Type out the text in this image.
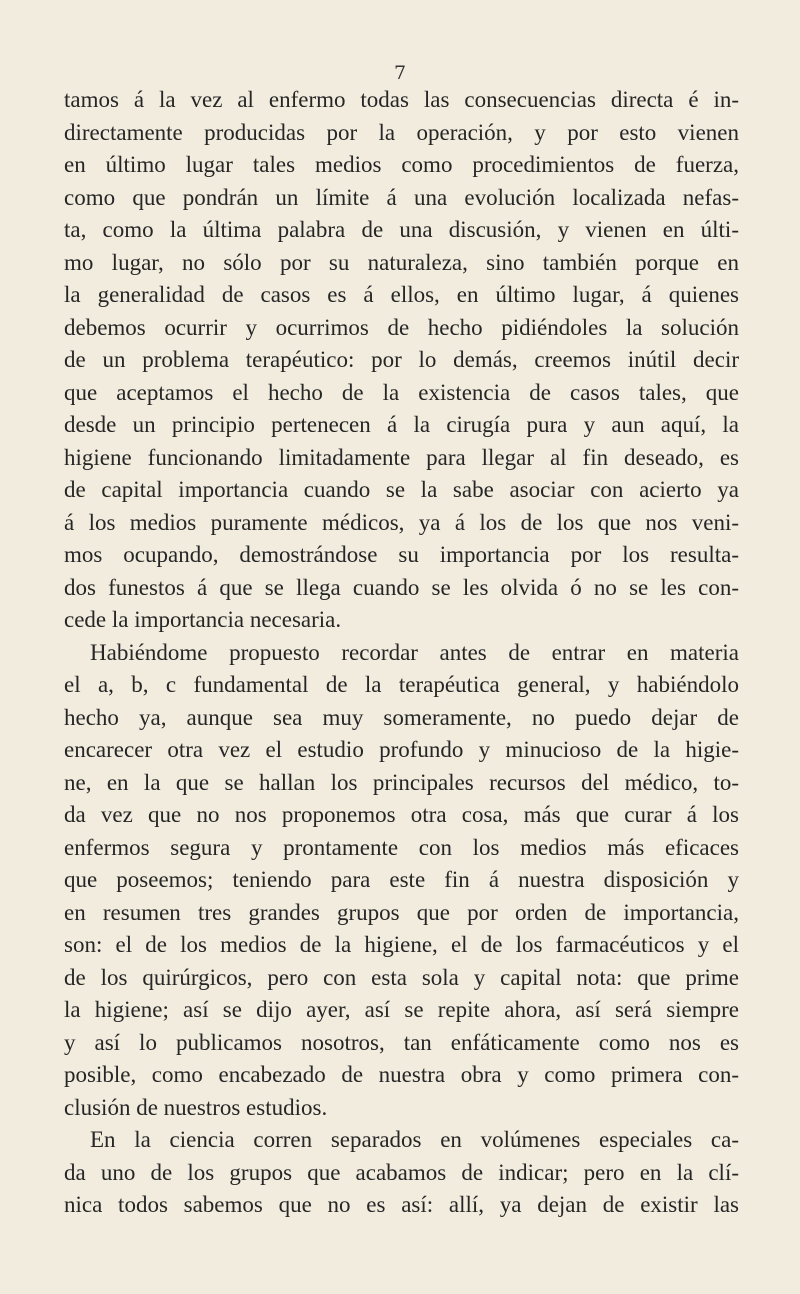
7
tamos á la vez al enfermo todas las consecuencias directa é in-
directamente producidas por la operación, y por esto vienen
en último lugar tales medios como procedimientos de fuerza,
como que pondrán un límite á una evolución localizada nefas-
ta, como la última palabra de una discusión, y vienen en últi-
mo lugar, no sólo por su naturaleza, sino también porque en
la generalidad de casos es á ellos, en último lugar, á quienes
debemos ocurrir y ocurrimos de hecho pidiéndoles la solución
de un problema terapéutico: por lo demás, creemos inútil decir
que aceptamos el hecho de la existencia de casos tales, que
desde un principio pertenecen á la cirugía pura y aun aquí, la
higiene funcionando limitadamente para llegar al fin deseado, es
de capital importancia cuando se la sabe asociar con acierto ya
á los medios puramente médicos, ya á los de los que nos veni-
mos ocupando, demostrándose su importancia por los resulta-
dos funestos á que se llega cuando se les olvida ó no se les con-
cede la importancia necesaria.
Habiéndome propuesto recordar antes de entrar en materia
el a, b, c fundamental de la terapéutica general, y habiéndolo
hecho ya, aunque sea muy someramente, no puedo dejar de
encarecer otra vez el estudio profundo y minucioso de la higie-
ne, en la que se hallan los principales recursos del médico, to-
da vez que no nos proponemos otra cosa, más que curar á los
enfermos segura y prontamente con los medios más eficaces
que poseemos; teniendo para este fin á nuestra disposición y
en resumen tres grandes grupos que por orden de importancia,
son: el de los medios de la higiene, el de los farmacéuticos y el
de los quirúrgicos, pero con esta sola y capital nota: que prime
la higiene; así se dijo ayer, así se repite ahora, así será siempre
y así lo publicamos nosotros, tan enfáticamente como nos es
posible, como encabezado de nuestra obra y como primera con-
clusión de nuestros estudios.
En la ciencia corren separados en volúmenes especiales ca-
da uno de los grupos que acabamos de indicar; pero en la clí-
nica todos sabemos que no es así: allí, ya dejan de existir las
